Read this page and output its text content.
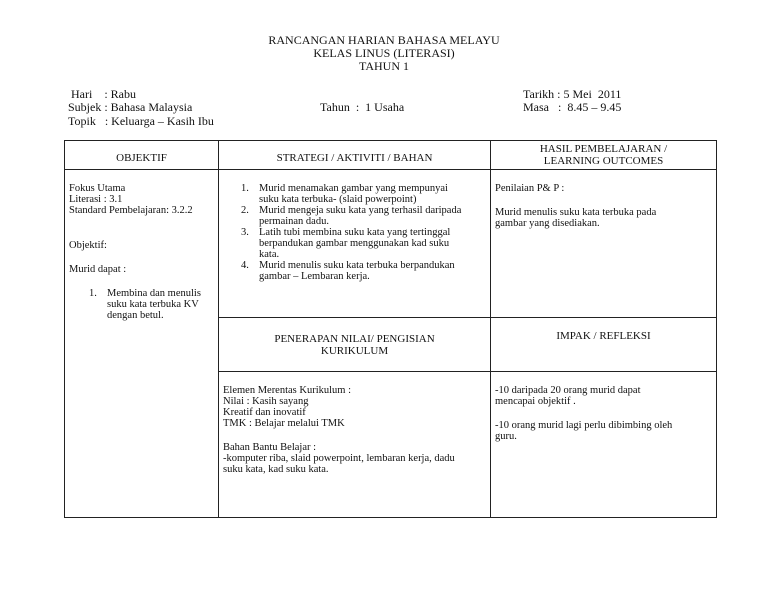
RANCANGAN HARIAN BAHASA MELAYU
KELAS LINUS (LITERASI)
TAHUN 1
Hari    : Rabu
Subjek : Bahasa Malaysia
Topik   : Keluarga – Kasih Ibu
Tahun  :  1 Usaha
Tarikh : 5 Mei  2011
Masa   :  8.45 – 9.45
OBJEKTIF	STRATEGI / AKTIVITI / BAHAN
HASIL PEMBELAJARAN /
LEARNING OUTCOMES

Fokus Utama

Literasi : 3.1

Standard Pembelajaran: 3.2.2

Objektif:

Murid dapat :

1. Membina dan menulis
suku kata terbuka KV
dengan betul.
1. Murid menamakan gambar yang mempunyai
suku kata terbuka- (slaid powerpoint)
2. Murid mengeja suku kata yang terhasil daripada
permainan dadu.
3. Latih tubi membina suku kata yang tertinggal
berpandukan gambar menggunakan kad suku
kata.
4. Murid menulis suku kata terbuka berpandukan
gambar – Lembaran kerja.

Penilaian P& P :

Murid menulis suku kata terbuka pada

gambar yang disediakan.

PENERAPAN NILAI/ PENGISIAN
KURIKULUM
IMPAK / REFLEKSI

Elemen Merentas Kurikulum :

Nilai : Kasih sayang

Kreatif dan inovatif

TMK : Belajar melalui TMK

Bahan Bantu Belajar :

-komputer riba, slaid powerpoint, lembaran kerja, dadu

suku kata, kad suku kata.

-10 daripada 20 orang murid dapat

mencapai objektif .

-10 orang murid lagi perlu dibimbing oleh

guru.
